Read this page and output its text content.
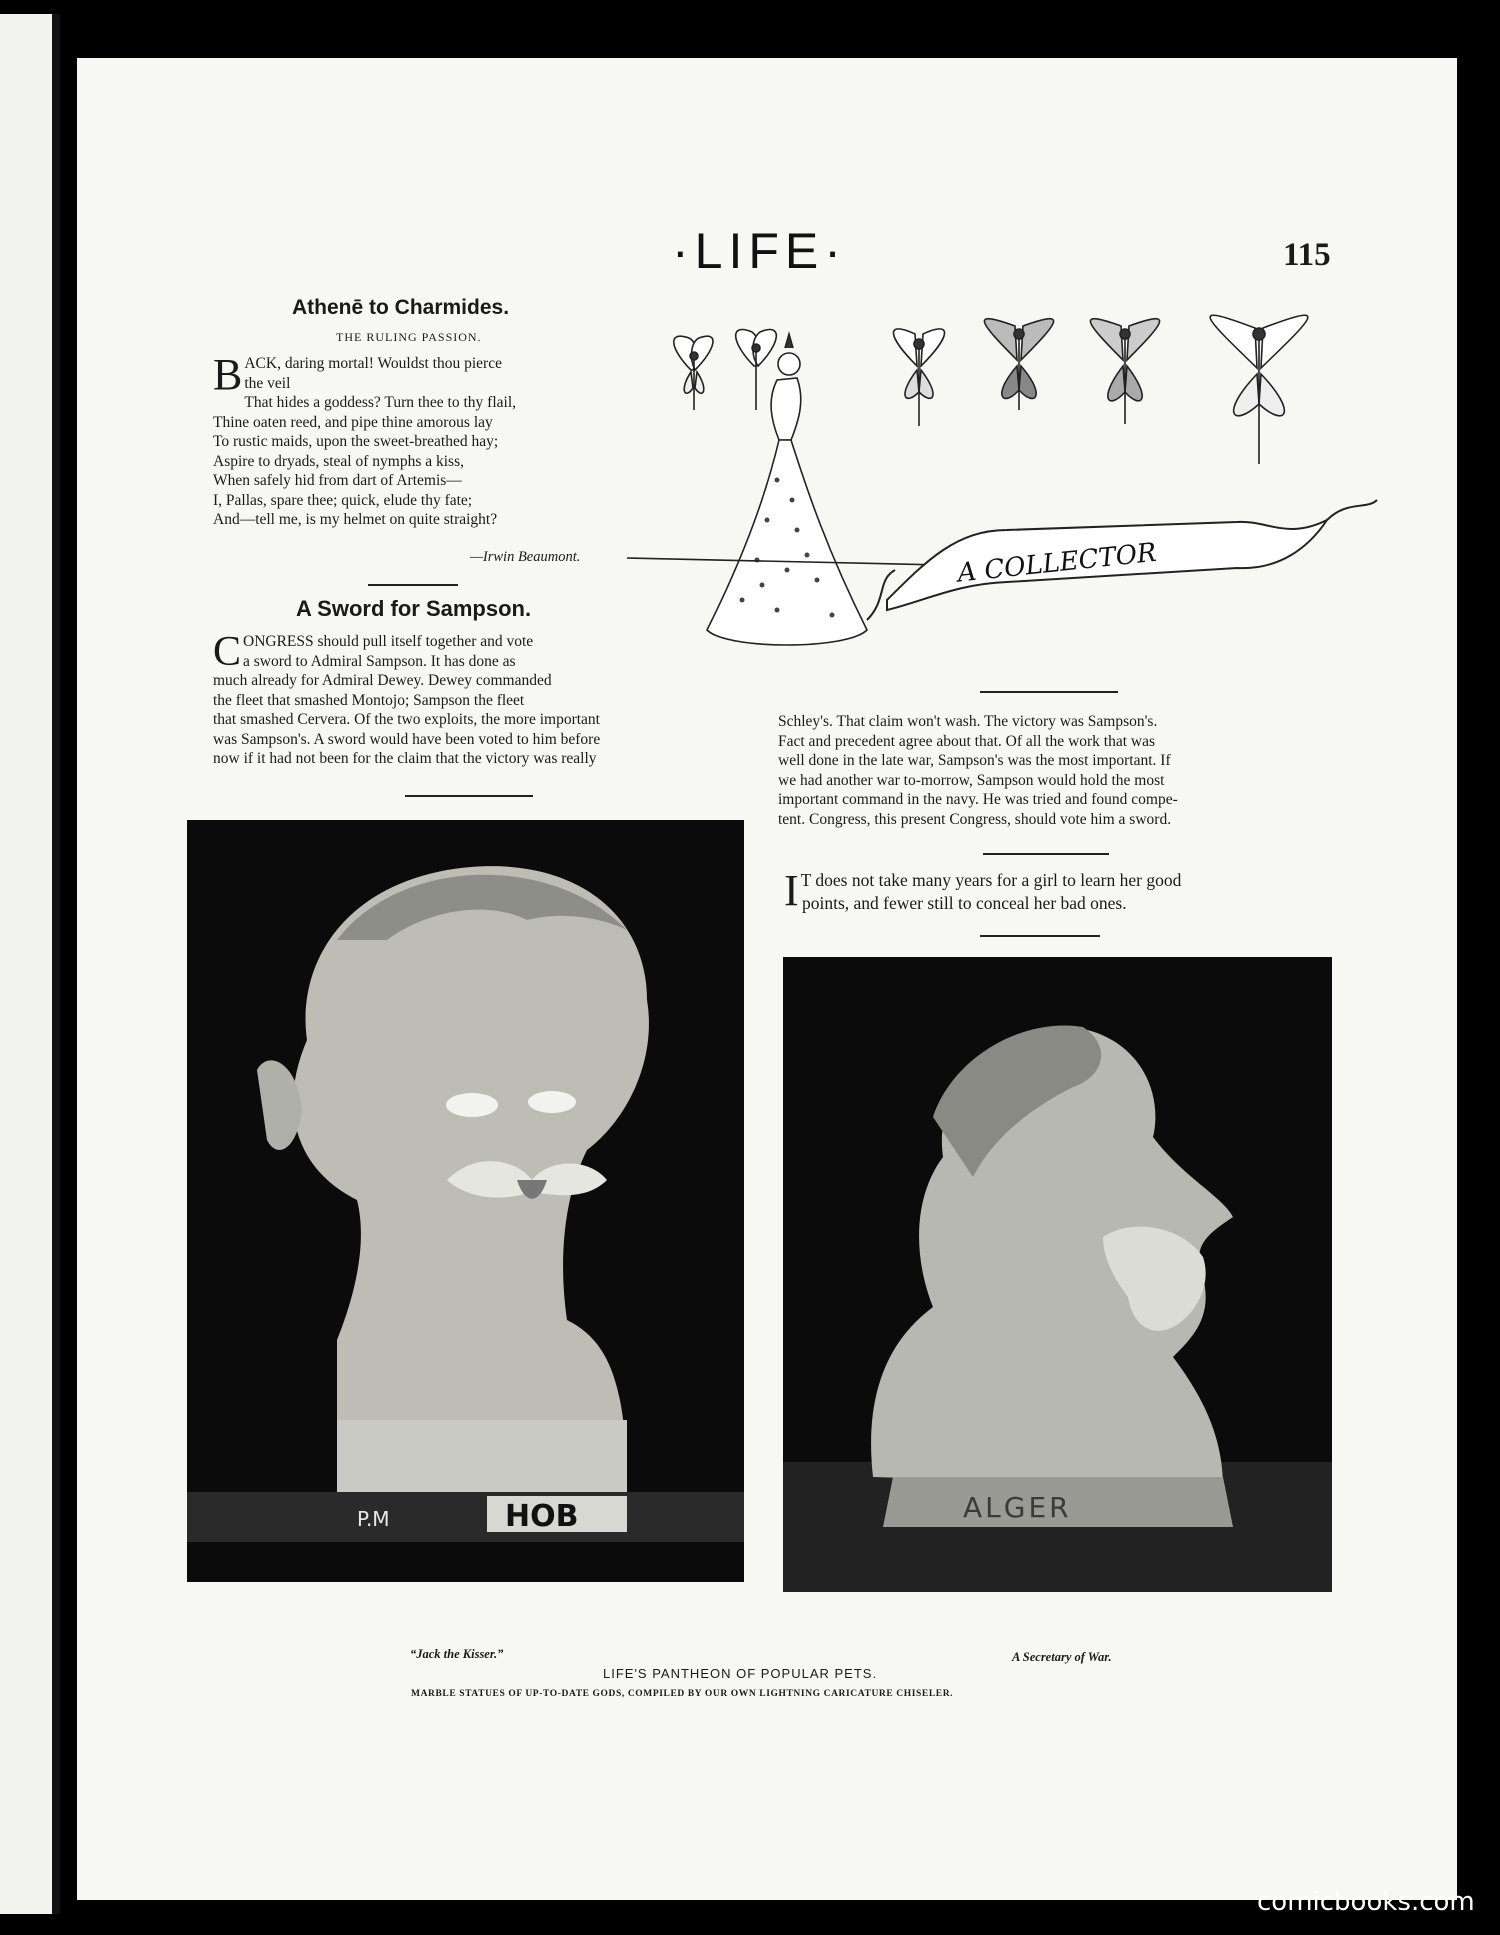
·LIFE·	115
Athenē to Charmides.
THE RULING PASSION.
B ACK, daring mortal! Wouldst thou pierce
the veil
That hides a goddess? Turn thee to thy flail,
Thine oaten reed, and pipe thine amorous lay
To rustic maids, upon the sweet-breathed hay;
Aspire to dryads, steal of nymphs a kiss,
When safely hid from dart of Artemis—
I, Pallas, spare thee; quick, elude thy fate;
And—tell me, is my helmet on quite straight?
—Irwin Beaumont.
A Sword for Sampson.
C ONGRESS should pull itself together and vote
a sword to Admiral Sampson. It has done as
much already for Admiral Dewey. Dewey commanded
the fleet that smashed Montojo; Sampson the fleet
that smashed Cervera. Of the two exploits, the more important
was Sampson's. A sword would have been voted to him before
now if it had not been for the claim that the victory was really
Schley's. That claim won't wash. The victory was Sampson's.
Fact and precedent agree about that. Of all the work that was
well done in the late war, Sampson's was the most important. If
we had another war to-morrow, Sampson would hold the most
important command in the navy. He was tried and found compe-
tent. Congress, this present Congress, should vote him a sword.
I T does not take many years for a girl to learn her good
points, and fewer still to conceal her bad ones.
A COLLECTOR
P.M	HOB	ALGER
“Jack the Kisser.”	A Secretary of War.
LIFE'S PANTHEON OF POPULAR PETS.
MARBLE STATUES OF UP-TO-DATE GODS, COMPILED BY OUR OWN LIGHTNING CARICATURE CHISELER.
comicbooks.com
